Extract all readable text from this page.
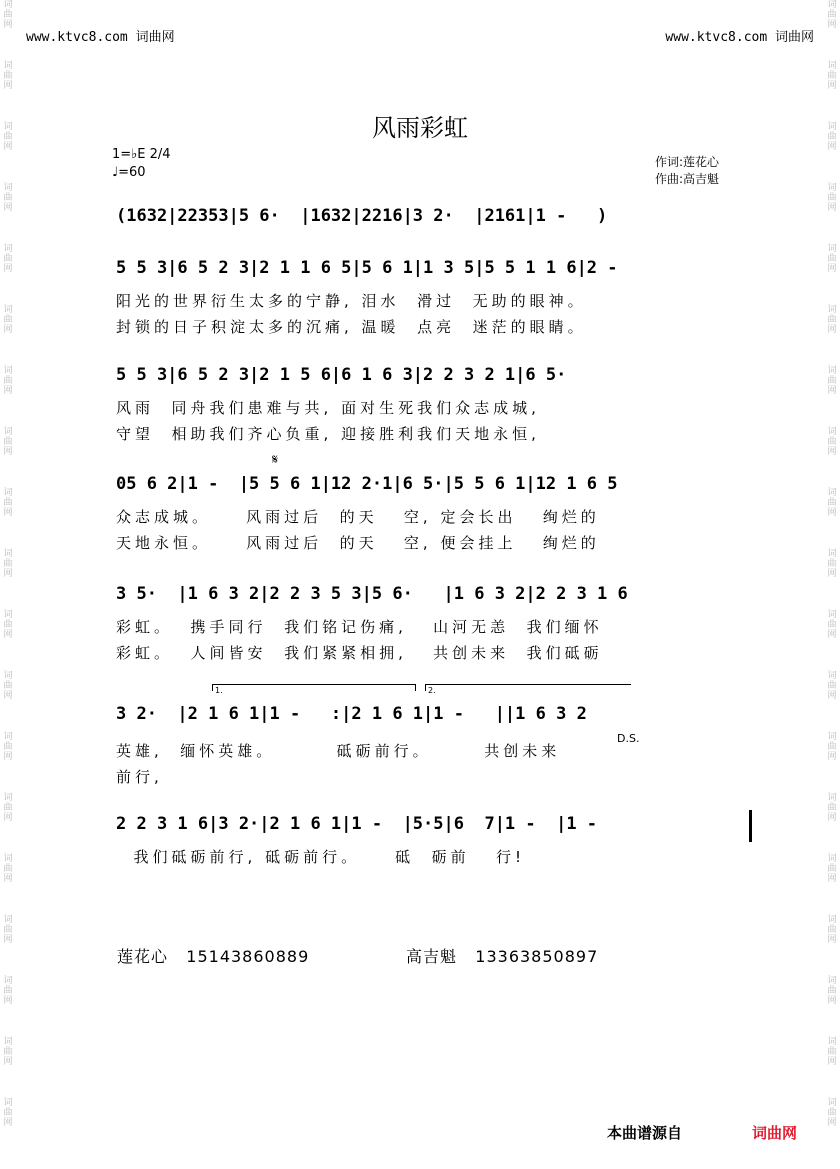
词
曲
网
词
曲
网
词
曲
网
词
曲
网
词
曲
网
词
曲
网
词
曲
网
词
曲
网
词
曲
网
词
曲
网
词
曲
网
词
曲
网
词
曲
网
词
曲
网
词
曲
网
词
曲
网
词
曲
网
词
曲
网
词
曲
网
词
曲
网
词
曲
网
词
曲
网
词
曲
网
词
曲
网
词
曲
网
词
曲
网
词
曲
网
词
曲
网
词
曲
网
词
曲
网
词
曲
网
词
曲
网
词
曲
网
词
曲
网
词
曲
网
词
曲
网
词
曲
网
词
曲
网
www.ktvc8.com 词曲网	www.ktvc8.com 词曲网
风雨彩虹
1=♭E 2/4
♩=60
作词:莲花心
作曲:高吉魁
𝄋
(1632|22353|5 6·  |1632|2216|3 2·  |2161|1 -   )
5 5 3|6 5 2 3|2 1 1 6 5|5 6 1|1 3 5|5 5 1 1 6|2 -
阳光的世界衍生太多的宁静, 泪水  滑过  无助的眼神。
封锁的日子积淀太多的沉痛, 温暖  点亮  迷茫的眼睛。
5 5 3|6 5 2 3|2 1 5 6|6 1 6 3|2 2 3 2 1|6 5·
风雨  同舟我们患难与共, 面对生死我们众志成城,
守望  相助我们齐心负重, 迎接胜利我们天地永恒,
05 6 2|1 -  |5 5 6 1|12 2·1|6 5·|5 5 6 1|12 1 6 5
众志成城。    风雨过后  的天   空, 定会长出   绚烂的
天地永恒。    风雨过后  的天   空, 便会挂上   绚烂的
3 5·  |1 6 3 2|2 2 3 5 3|5 6·   |1 6 3 2|2 2 3 1 6
彩虹。  携手同行  我们铭记伤痛,   山河无恙  我们缅怀
彩虹。  人间皆安  我们紧紧相拥,   共创未来  我们砥砺
1.	2.
3 2·  |2 1 6 1|1 -   :|2 1 6 1|1 -   ||1 6 3 2
英雄,  缅怀英雄。       砥砺前行。      共创未来
前行,
D.S.
2 2 3 1 6|3 2·|2 1 6 1|1 -  |5·5|6  7|1 -  |1 -
我们砥砺前行, 砥砺前行。    砥  砺前   行!
莲花心 15143860889	高吉魁 13363850897
本曲谱源自	词曲网
